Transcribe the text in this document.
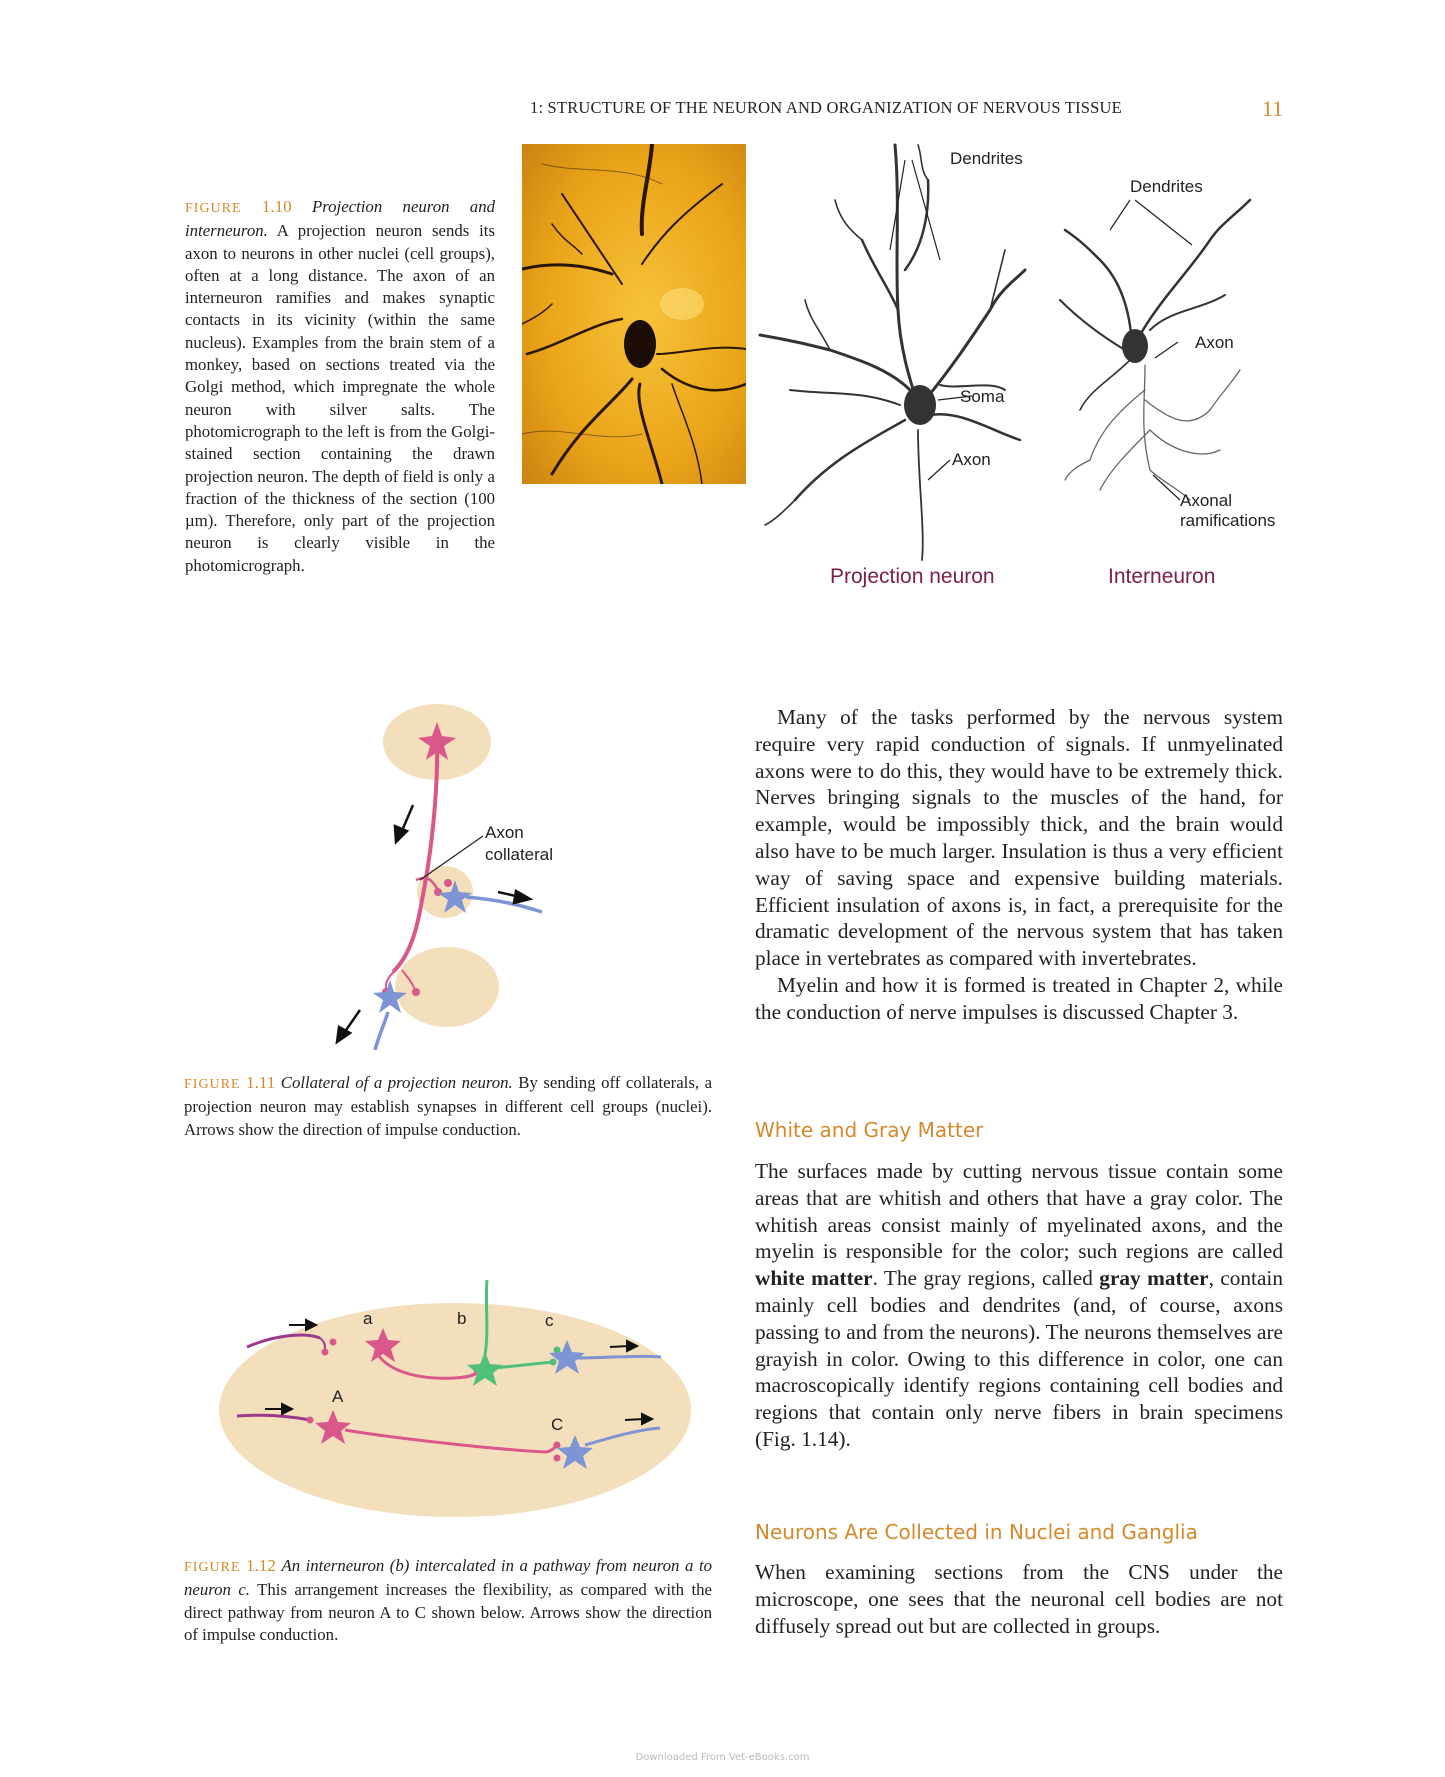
1: STRUCTURE OF THE NEURON AND ORGANIZATION OF NERVOUS TISSUE	11
FIGURE 1.10 Projection neuron and interneuron. A projection neuron sends its axon to neurons in other nuclei (cell groups), often at a long distance. The axon of an interneuron ramifies and makes synaptic contacts in its vicinity (within the same nucleus). Examples from the brain stem of a monkey, based on sections treated via the Golgi method, which impregnate the whole neuron with silver salts. The photomicrograph to the left is from the Golgi-stained section containing the drawn projection neuron. The depth of field is only a fraction of the thickness of the section (100 µm). Therefore, only part of the projection neuron is clearly visible in the photomicrograph.
Dendrites
Soma
Axon
Dendrites
Axon
Axonal
ramifications
Projection neuron	Interneuron
Axon
collateral
FIGURE 1.11 Collateral of a projection neuron. By sending off collaterals, a projection neuron may establish synapses in different cell groups (nuclei). Arrows show the direction of impulse conduction.
a	b	c
A
C
FIGURE 1.12 An interneuron (b) intercalated in a pathway from neuron a to neuron c. This arrangement increases the flexibility, as compared with the direct pathway from neuron A to C shown below. Arrows show the direction of impulse conduction.

Many of the tasks performed by the nervous system require very rapid conduction of signals. If unmyelinated axons were to do this, they would have to be extremely thick. Nerves bringing signals to the muscles of the hand, for example, would be impossibly thick, and the brain would also have to be much larger. Insulation is thus a very efficient way of saving space and expensive building materials. Efficient insulation of axons is, in fact, a prerequisite for the dramatic development of the nervous system that has taken place in vertebrates as compared with invertebrates.

Myelin and how it is formed is treated in Chapter 2, while the conduction of nerve impulses is discussed Chapter 3.

White and Gray Matter

The surfaces made by cutting nervous tissue contain some areas that are whitish and others that have a gray color. The whitish areas consist mainly of myelinated axons, and the myelin is responsible for the color; such regions are called white matter. The gray regions, called gray matter, contain mainly cell bodies and dendrites (and, of course, axons passing to and from the neurons). The neurons themselves are grayish in color. Owing to this difference in color, one can macroscopically identify regions containing cell bodies and regions that contain only nerve fibers in brain specimens (Fig. 1.14).

Neurons Are Collected in Nuclei and Ganglia

When examining sections from the CNS under the microscope, one sees that the neuronal cell bodies are not diffusely spread out but are collected in groups.

Downloaded From Vet-eBooks.com
